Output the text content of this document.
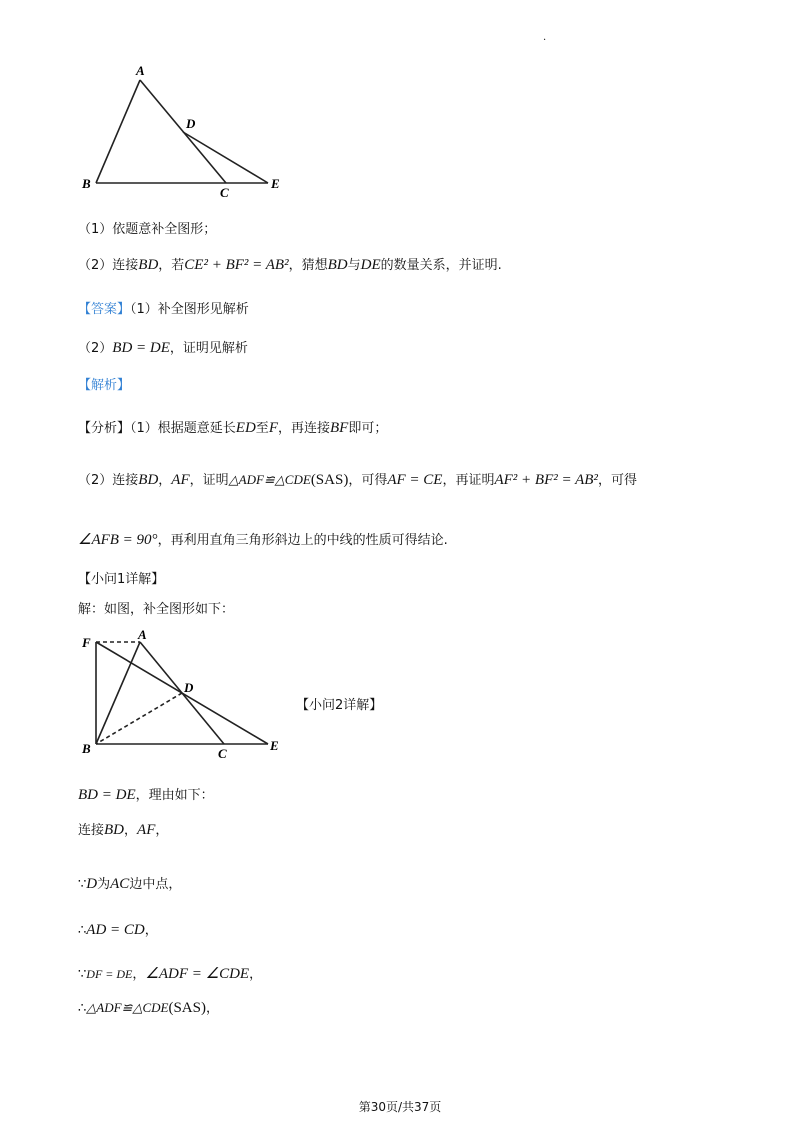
.
A
B
C
D
E
（1）依题意补全图形；
（2）连接BD，若CE² + BF² = AB²，猜想BD与DE的数量关系，并证明.
【答案】（1）补全图形见解析
（2）BD = DE，证明见解析
【解析】
【分析】（1）根据题意延长ED至F，再连接BF即可；
（2）连接BD，AF，证明△ADF≌△CDE(SAS)，可得AF = CE，再证明AF² + BF² = AB²，可得
∠AFB = 90°，再利用直角三角形斜边上的中线的性质可得结论.
【小问1详解】
解：如图，补全图形如下：
F
A
D
B	C
E
【小问2详解】
BD = DE，理由如下：
连接BD，AF，
∵D为AC边中点，
∴AD = CD，
∵DF = DE，∠ADF = ∠CDE，
∴△ADF≌△CDE(SAS)，
第30页/共37页
